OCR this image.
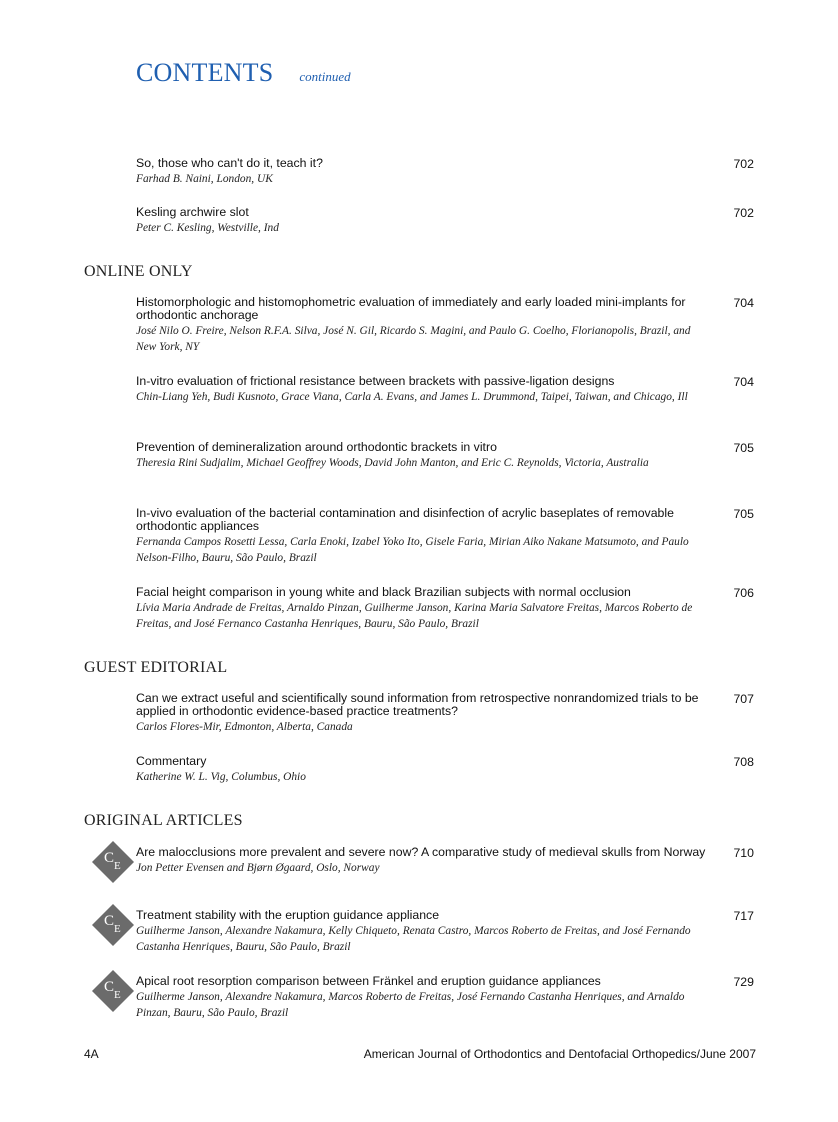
CONTENTS continued
So, those who can't do it, teach it?	702
Farhad B. Naini, London, UK
Kesling archwire slot	702
Peter C. Kesling, Westville, Ind
ONLINE ONLY
Histomorphologic and histomophometric evaluation of immediately and early loaded mini-implants for orthodontic anchorage
704
José Nilo O. Freire, Nelson R.F.A. Silva, José N. Gil, Ricardo S. Magini, and Paulo G. Coelho, Florianopolis, Brazil, and New York, NY
In-vitro evaluation of frictional resistance between brackets with passive-ligation designs	704
Chin-Liang Yeh, Budi Kusnoto, Grace Viana, Carla A. Evans, and James L. Drummond, Taipei, Taiwan, and Chicago, Ill
Prevention of demineralization around orthodontic brackets in vitro	705
Theresia Rini Sudjalim, Michael Geoffrey Woods, David John Manton, and Eric C. Reynolds, Victoria, Australia
In-vivo evaluation of the bacterial contamination and disinfection of acrylic baseplates of removable orthodontic appliances
705
Fernanda Campos Rosetti Lessa, Carla Enoki, Izabel Yoko Ito, Gisele Faria, Mirian Aiko Nakane Matsumoto, and Paulo Nelson-Filho, Bauru, São Paulo, Brazil
Facial height comparison in young white and black Brazilian subjects with normal occlusion	706
Lívia Maria Andrade de Freitas, Arnaldo Pinzan, Guilherme Janson, Karina Maria Salvatore Freitas, Marcos Roberto de Freitas, and José Fernanco Castanha Henriques, Bauru, São Paulo, Brazil
GUEST EDITORIAL
Can we extract useful and scientifically sound information from retrospective nonrandomized trials to be applied in orthodontic evidence-based practice treatments?
707
Carlos Flores-Mir, Edmonton, Alberta, Canada
Commentary	708
Katherine W. L. Vig, Columbus, Ohio
ORIGINAL ARTICLES
C E
Are malocclusions more prevalent and severe now? A comparative study of medieval skulls from Norway	710
Jon Petter Evensen and Bjørn Øgaard, Oslo, Norway
C E
Treatment stability with the eruption guidance appliance	717
Guilherme Janson, Alexandre Nakamura, Kelly Chiqueto, Renata Castro, Marcos Roberto de Freitas, and José Fernando Castanha Henriques, Bauru, São Paulo, Brazil
C E
Apical root resorption comparison between Fränkel and eruption guidance appliances	729
Guilherme Janson, Alexandre Nakamura, Marcos Roberto de Freitas, José Fernando Castanha Henriques, and Arnaldo Pinzan, Bauru, São Paulo, Brazil
4A	American Journal of Orthodontics and Dentofacial Orthopedics/June 2007
